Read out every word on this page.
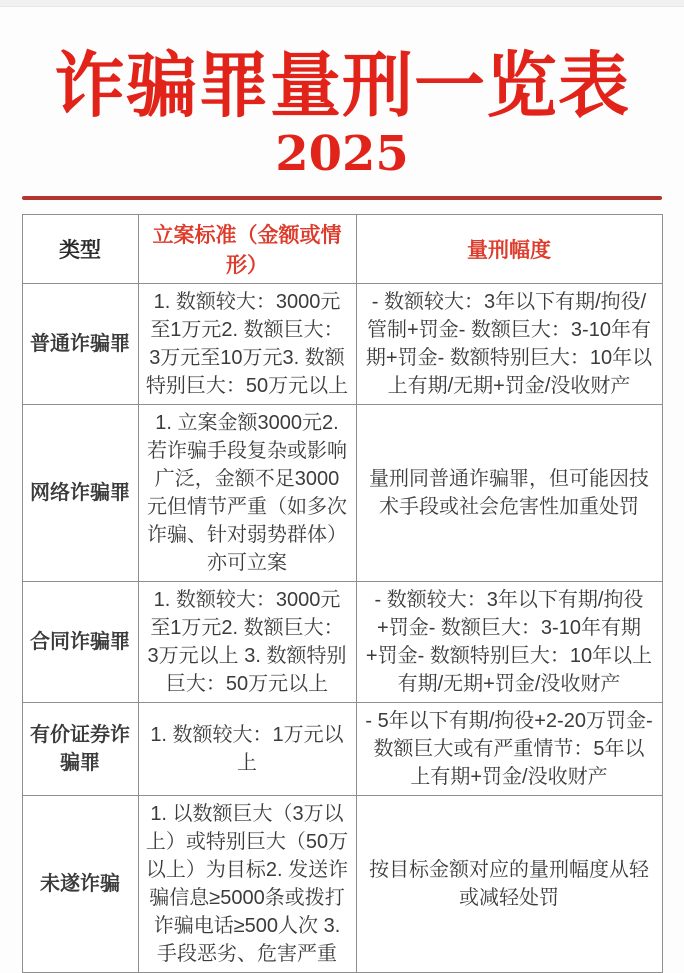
诈骗罪量刑一览表
2025
类型	立案标准（金额或情形）	量刑幅度
普通诈骗罪	1. 数额较大：3000元至1万元2. 数额巨大：3万元至10万元3. 数额特别巨大：50万元以上	- 数额较大：3年以下有期/拘役/管制+罚金- 数额巨大：3-10年有期+罚金- 数额特别巨大：10年以上有期/无期+罚金/没收财产
网络诈骗罪	1. 立案金额3000元2. 若诈骗手段复杂或影响广泛，金额不足3000元但情节严重（如多次诈骗、针对弱势群体）亦可立案	量刑同普通诈骗罪，但可能因技术手段或社会危害性加重处罚
合同诈骗罪	1. 数额较大：3000元至1万元2. 数额巨大：3万元以上 3. 数额特别巨大：50万元以上	- 数额较大：3年以下有期/拘役+罚金- 数额巨大：3-10年有期+罚金- 数额特别巨大：10年以上有期/无期+罚金/没收财产
有价证券诈骗罪	1. 数额较大：1万元以上	- 5年以下有期/拘役+2-20万罚金- 数额巨大或有严重情节：5年以上有期+罚金/没收财产
未遂诈骗	1. 以数额巨大（3万以上）或特别巨大（50万以上）为目标2. 发送诈骗信息≥5000条或拨打诈骗电话≥500人次 3. 手段恶劣、危害严重	按目标金额对应的量刑幅度从轻或减轻处罚
